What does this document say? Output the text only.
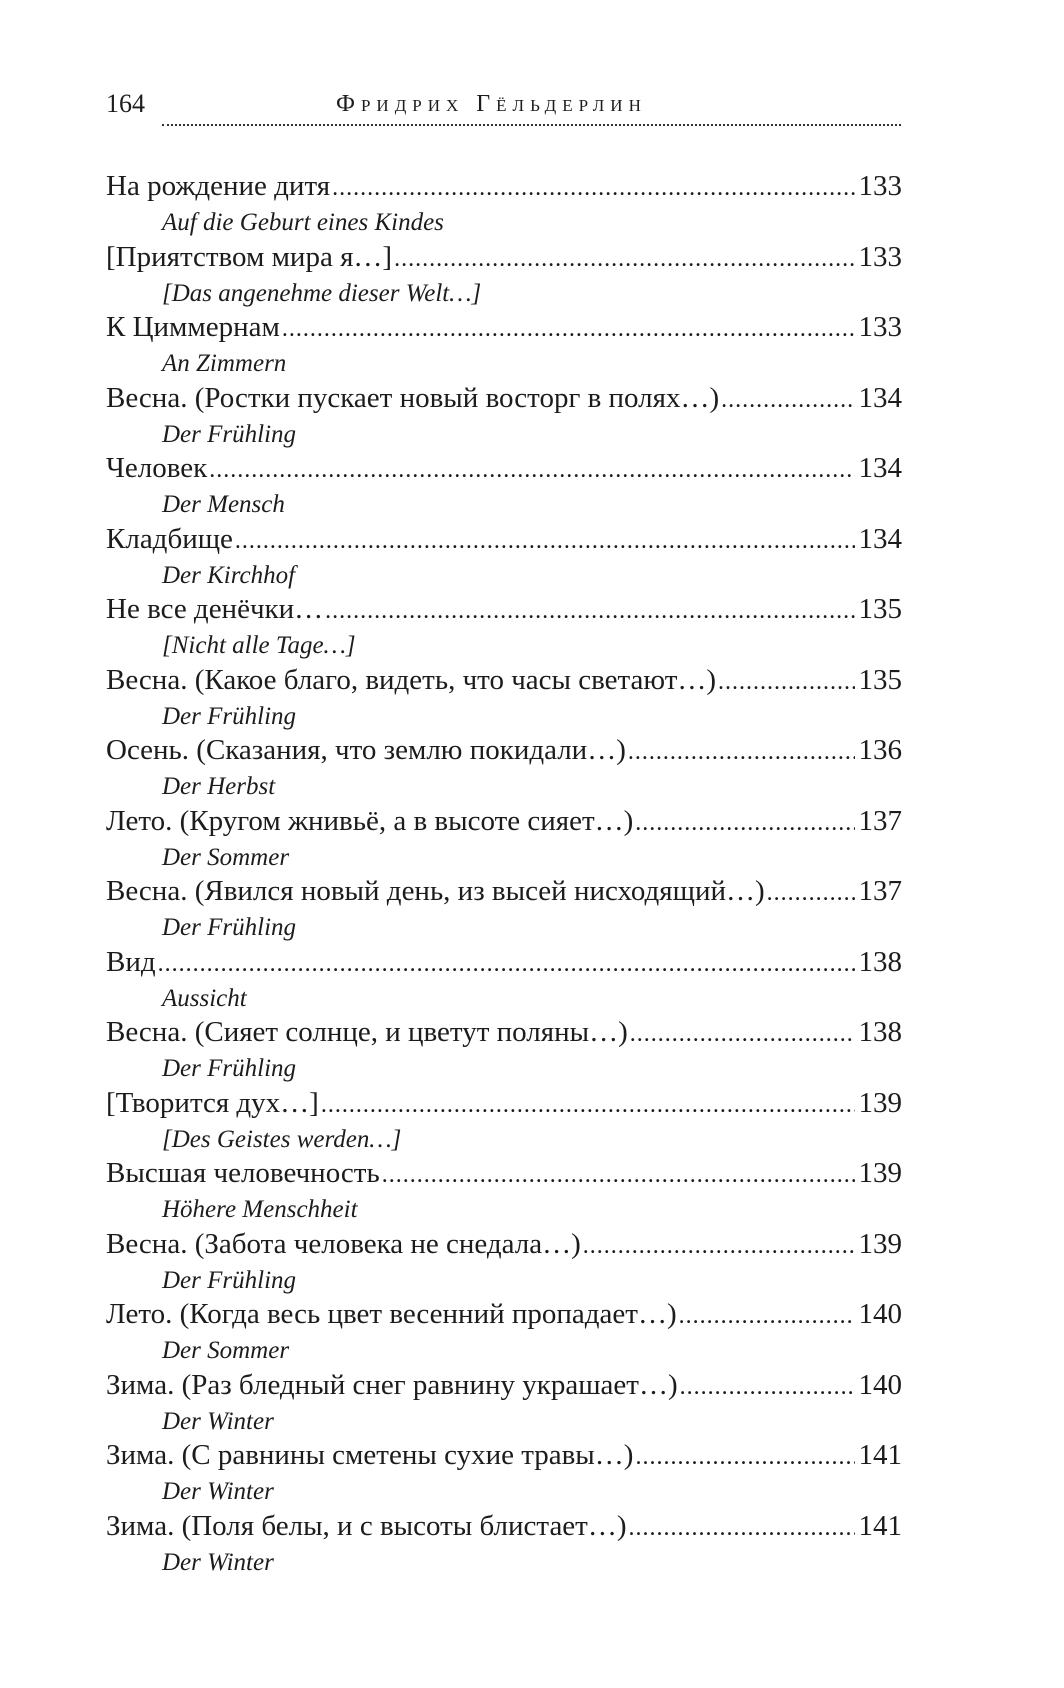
164	Фридрих Гёльдерлин
На рождение дитя .....	133
Auf die Geburt eines Kindes
[Приятством мира я…] .....	133
[Das angenehme dieser Welt…]
К Циммернам .....	133
An Zimmern
Весна. (Ростки пускает новый восторг в полях…) .....	134
Der Frühling
Человек .....	134
Der Mensch
Кладбище .....	134
Der Kirchhof
Не все денёчки… .....	135
[Nicht alle Tage…]
Весна. (Какое благо, видеть, что часы светают…) .....	135
Der Frühling
Осень. (Сказания, что землю покидали…) .....	136
Der Herbst
Лето. (Кругом жнивьё, а в высоте сияет…) .....	137
Der Sommer
Весна. (Явился новый день, из высей нисходящий…) .....	137
Der Frühling
Вид .....	138
Aussicht
Весна. (Сияет солнце, и цветут поляны…) .....	138
Der Frühling
[Творится дух…] .....	139
[Des Geistes werden…]
Высшая человечность .....	139
Höhere Menschheit
Весна. (Забота человека не снедала…) .....	139
Der Frühling
Лето. (Когда весь цвет весенний пропадает…) .....	140
Der Sommer
Зима. (Раз бледный снег равнину украшает…) .....	140
Der Winter
Зима. (С равнины сметены сухие травы…) .....	141
Der Winter
Зима. (Поля белы, и с высоты блистает…) .....	141
Der Winter
